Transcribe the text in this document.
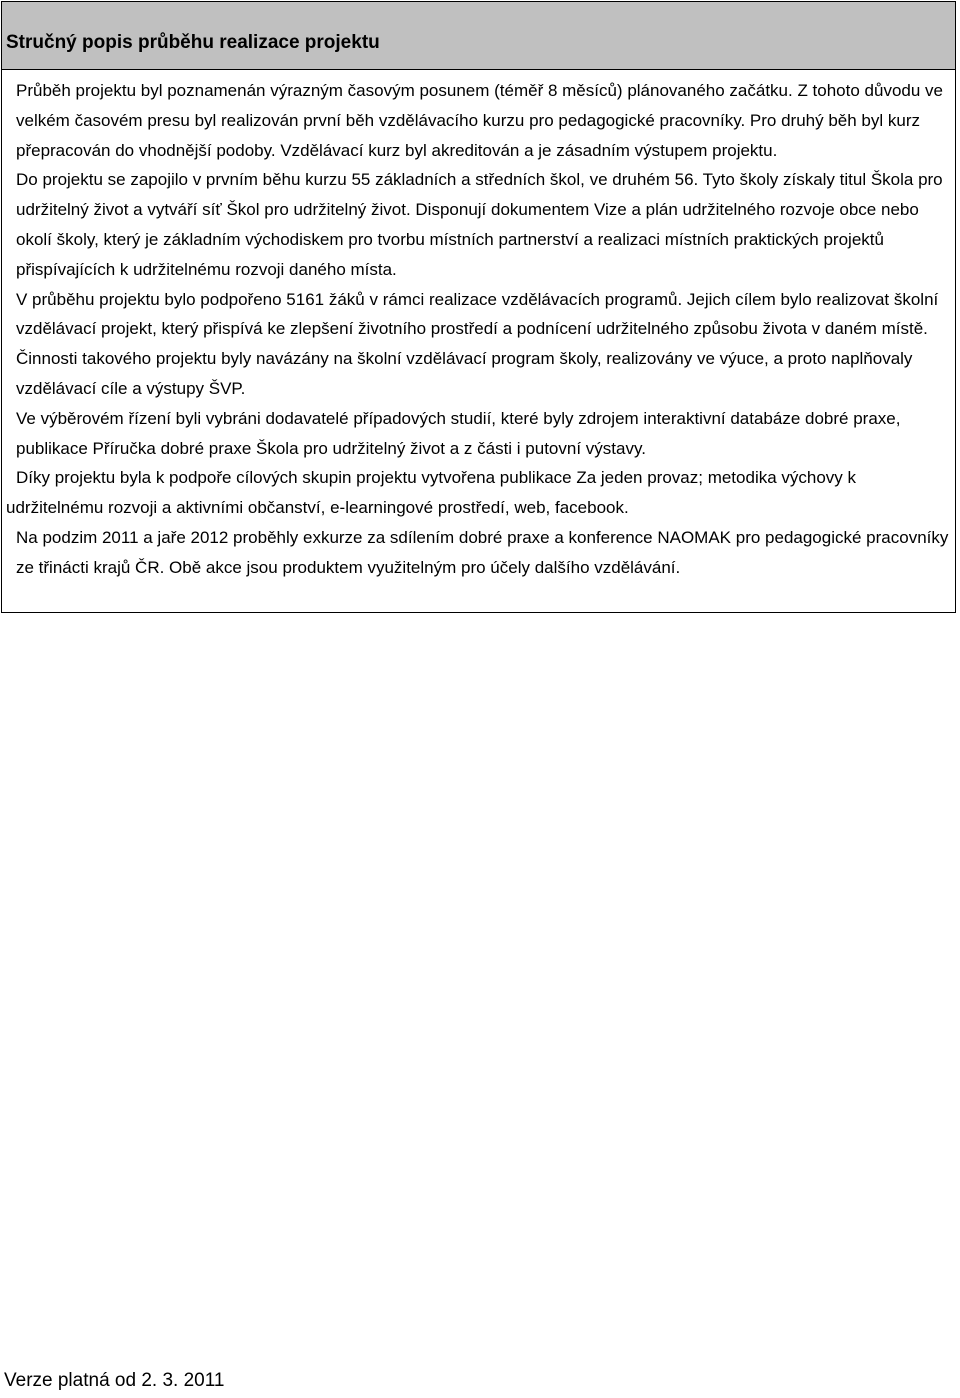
Stručný popis průběhu realizace projektu

Průběh projektu byl poznamenán výrazným časovým posunem (téměř 8 měsíců) plánovaného začátku. Z tohoto důvodu ve velkém časovém presu byl realizován první běh vzdělávacího kurzu pro pedagogické pracovníky. Pro druhý běh byl kurz přepracován do vhodnější podoby. Vzdělávací kurz byl akreditován a je zásadním výstupem projektu.

Do projektu se zapojilo v prvním běhu kurzu 55 základních a středních škol, ve druhém 56. Tyto školy získaly titul Škola pro udržitelný život a vytváří síť Škol pro udržitelný život. Disponují dokumentem Vize a plán udržitelného rozvoje obce nebo okolí školy, který je základním východiskem pro tvorbu místních partnerství a realizaci místních praktických projektů přispívajících k udržitelnému rozvoji daného místa.

V průběhu projektu bylo podpořeno 5161 žáků v rámci realizace vzdělávacích programů. Jejich cílem bylo realizovat školní vzdělávací projekt, který přispívá ke zlepšení životního prostředí a podnícení udržitelného způsobu života v daném místě. Činnosti takového projektu byly navázány na školní vzdělávací program školy, realizovány ve výuce, a proto naplňovaly vzdělávací cíle a výstupy ŠVP.

Ve výběrovém řízení byli vybráni dodavatelé případových studií, které byly zdrojem interaktivní databáze dobré praxe, publikace Příručka dobré praxe Škola pro udržitelný život a z části i putovní výstavy.

Díky projektu byla k podpoře cílových skupin projektu vytvořena publikace Za jeden provaz; metodika výchovy k udržitelnému rozvoji a aktivními občanství, e-learningové prostředí, web, facebook.

Na podzim 2011 a jaře 2012 proběhly exkurze za sdílením dobré praxe a konference NAOMAK pro pedagogické pracovníky ze třinácti krajů ČR. Obě akce jsou produktem využitelným pro účely dalšího vzdělávání.

Verze platná od 2. 3. 2011
